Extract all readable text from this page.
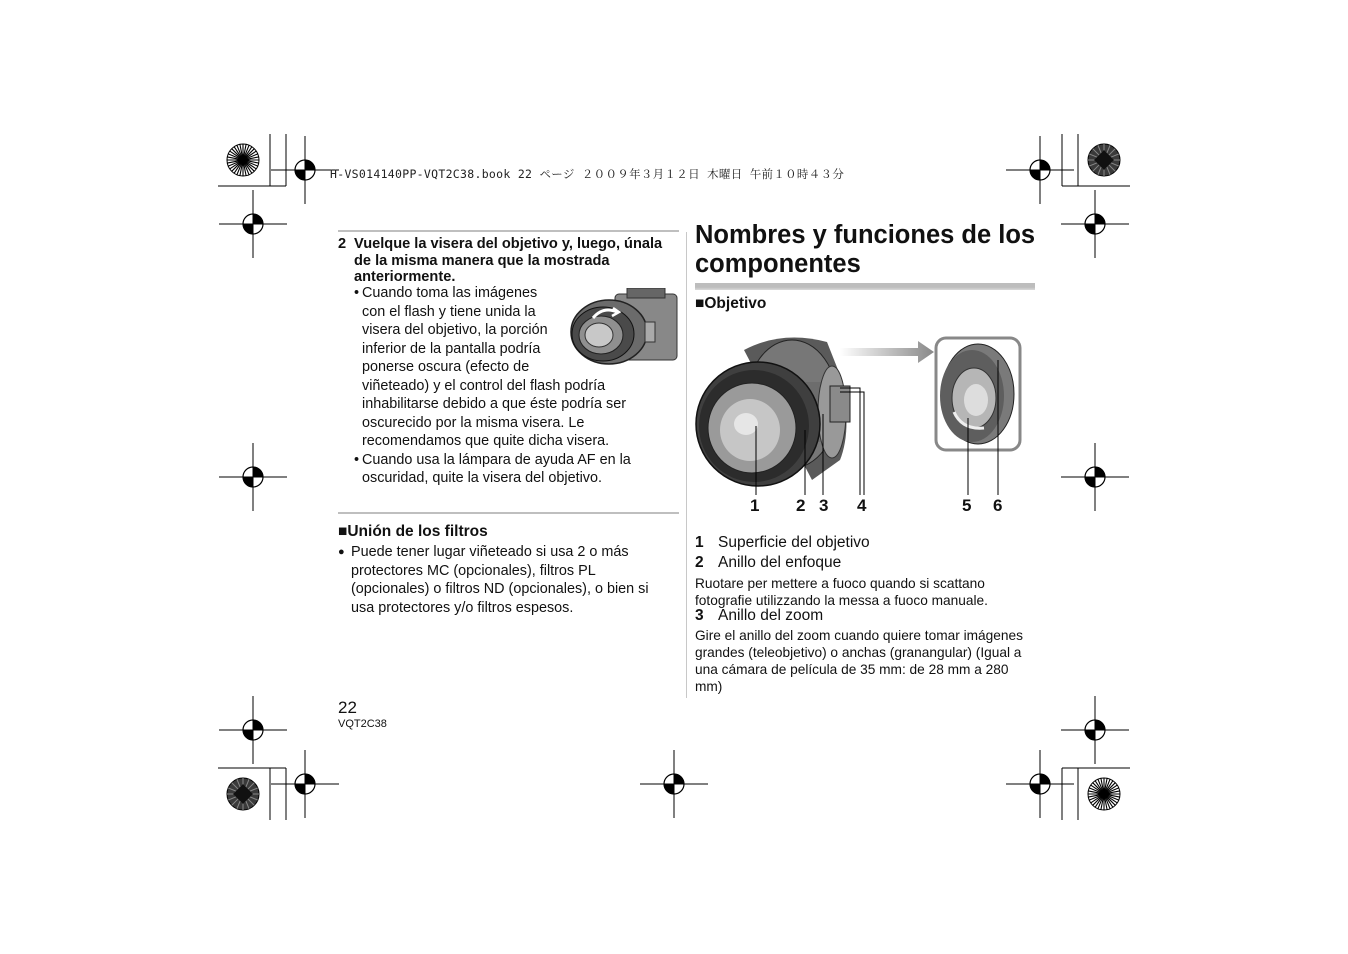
H-VS014140PP-VQT2C38.book 22 ページ ２００９年３月１２日 木曜日 午前１０時４３分
2 Vuelque la visera del objetivo y, luego, únala de la misma manera que la mostrada anteriormente.
• Cuando toma las imágenes con el flash y tiene unida la visera del objetivo, la porción inferior de la pantalla podría ponerse oscura (efecto de viñeteado) y el control del flash podría inhabilitarse debido a que éste podría ser oscurecido por la misma visera. Le recomendamos que quite dicha visera.
• Cuando usa la lámpara de ayuda AF en la oscuridad, quite la visera del objetivo.
■Unión de los filtros
● Puede tener lugar viñeteado si usa 2 o más protectores MC (opcionales), filtros PL (opcionales) o filtros ND (opcionales), o bien si usa protectores y/o filtros espesos.
22
VQT2C38
Nombres y funciones de los componentes
■Objetivo
1 2 3 4	5 6
1 Superficie del objetivo
2 Anillo del enfoque
Ruotare per mettere a fuoco quando si scattano fotografie utilizzando la messa a fuoco manuale.
3 Anillo del zoom
Gire el anillo del zoom cuando quiere tomar imágenes grandes (teleobjetivo) o anchas (granangular) (Igual a una cámara de película de 35 mm: de 28 mm a 280 mm)
